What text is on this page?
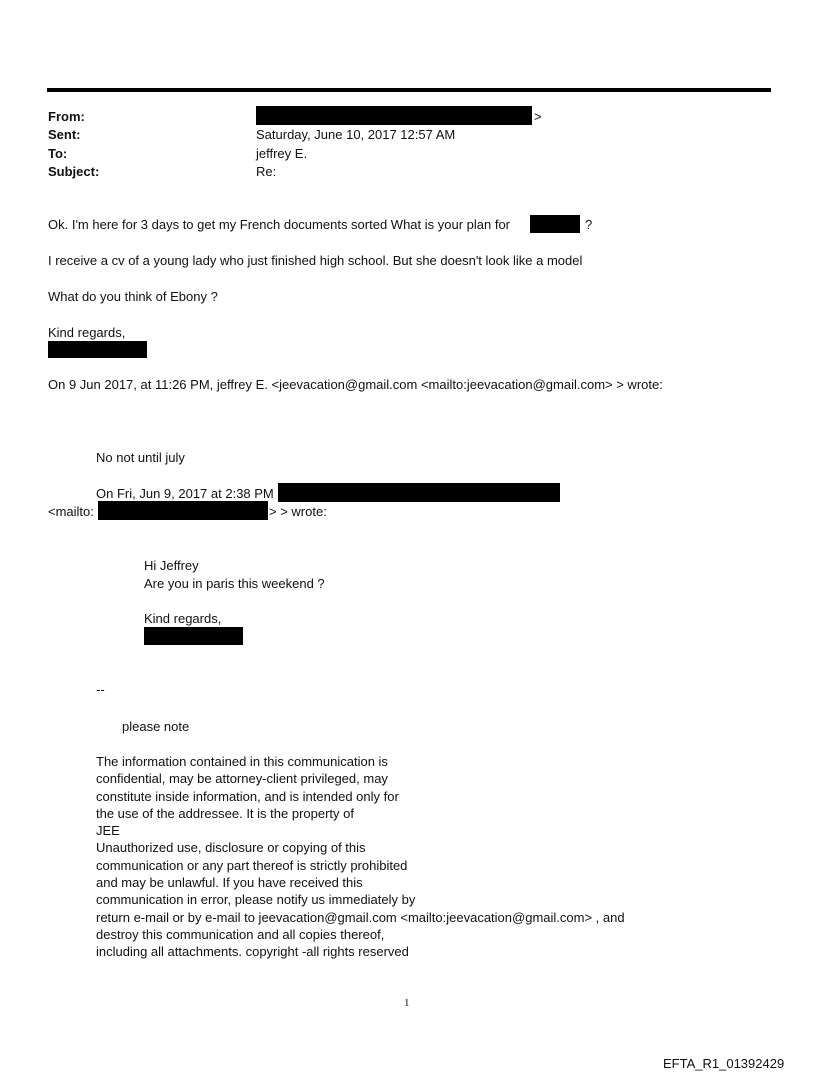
From:	>
Sent:	Saturday, June 10, 2017 12:57 AM
To:	jeffrey E.
Subject:	Re:
Ok. I'm here for 3 days to get my French documents sorted What is your plan for	?
I receive a cv of a young lady who just finished high school. But she doesn't look like a model
What do you think of Ebony ?
Kind regards,
On 9 Jun 2017, at 11:26 PM, jeffrey E. <jeevacation@gmail.com <mailto:jeevacation@gmail.com> > wrote:
No not until july
On Fri, Jun 9, 2017 at 2:38 PM
<mailto:	> > wrote:
Hi Jeffrey
Are you in paris this weekend ?
Kind regards,
--
please note
The information contained in this communication is
confidential, may be attorney-client privileged, may
constitute inside information, and is intended only for
the use of the addressee. It is the property of
JEE
Unauthorized use, disclosure or copying of this
communication or any part thereof is strictly prohibited
and may be unlawful. If you have received this
communication in error, please notify us immediately by
return e-mail or by e-mail to jeevacation@gmail.com <mailto:jeevacation@gmail.com> , and
destroy this communication and all copies thereof,
including all attachments. copyright -all rights reserved
1
EFTA_R1_01392429
